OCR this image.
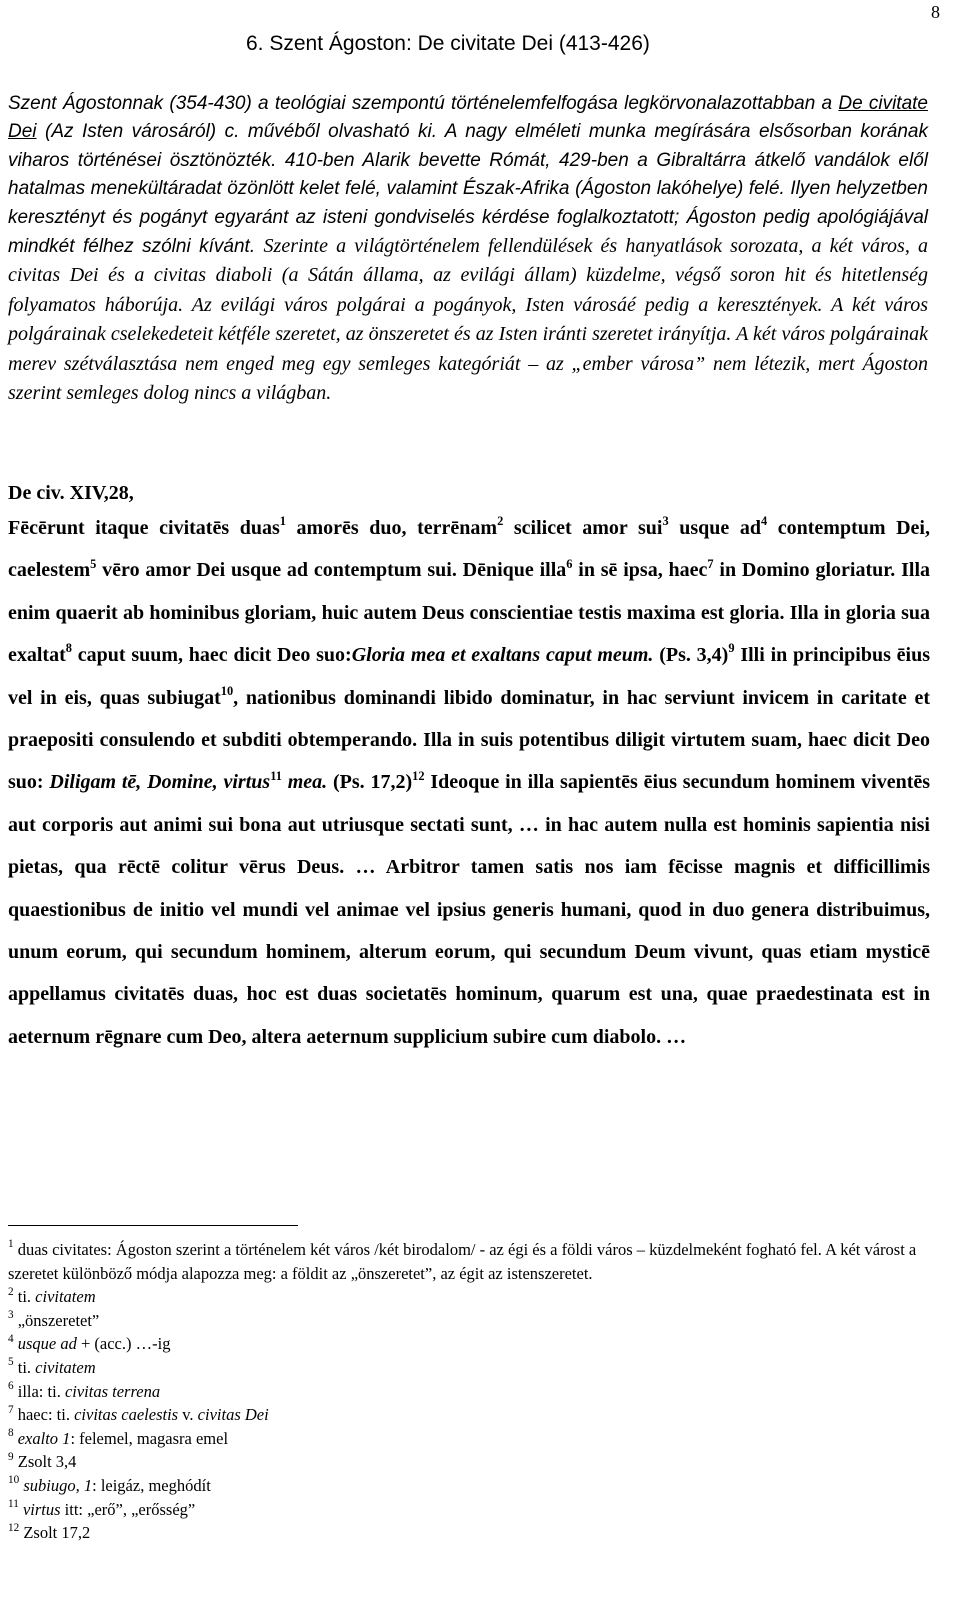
8
6. Szent Ágoston: De civitate Dei (413-426)
Szent Ágostonnak (354-430) a teológiai szempontú történelemfelfogása legkörvonalazottabban a De civitate Dei (Az Isten városáról) c. művéből olvasható ki. A nagy elméleti munka megírására elsősorban korának viharos történései ösztönözték. 410-ben Alarik bevette Rómát, 429-ben a Gibraltárra átkelő vandálok elől hatalmas menekültáradat özönlött kelet felé, valamint Észak-Afrika (Ágoston lakóhelye) felé. Ilyen helyzetben keresztényt és pogányt egyaránt az isteni gondviselés kérdése foglalkoztatott; Ágoston pedig apológiájával mindkét félhez szólni kívánt. Szerinte a világtörténelem fellendülések és hanyatlások sorozata, a két város, a civitas Dei és a civitas diaboli (a Sátán állama, az evilági állam) küzdelme, végső soron hit és hitetlenség folyamatos háborúja. Az evilági város polgárai a pogányok, Isten városáé pedig a keresztények. A két város polgárainak cselekedeteit kétféle szeretet, az önszeretet és az Isten iránti szeretet irányítja. A két város polgárainak merev szétválasztása nem enged meg egy semleges kategóriát – az „ember városa” nem létezik, mert Ágoston szerint semleges dolog nincs a világban.
De civ. XIV,28,
Fēcērunt itaque civitatēs duas$^1$ amorēs duo, terrēnam$^2$ scilicet amor sui$^3$ usque $ad^4$ contemptum Dei, caelestem$^5$ vēro amor Dei usque ad contemptum sui. Dēnique illa$^6$ in sē ipsa, haec$^7$ in Domino gloriatur. Illa enim quaerit ab hominibus gloriam, huic autem Deus conscientiae testis maxima est gloria. Illa in gloria sua exaltat$^8$ caput suum, haec dicit Deo suo:Gloria mea et exaltans caput meum. (Ps. 3,4)$^9$ Illi in principibus ēius vel in eis, quas subiugat$^{10}$, nationibus dominandi libido dominatur, in hac serviunt invicem in caritate et praepositi consulendo et subditi obtemperando. Illa in suis potentibus diligit virtutem suam, haec dicit Deo suo: Diligam tē, Domine, virtus$^{11}$ mea. (Ps. 17,2)$^{12}$ Ideoque in illa sapientēs ēius secundum hominem viventēs aut corporis aut animi sui bona aut utriusque sectati sunt, … in hac autem nulla est hominis sapientia nisi pietas, qua rēctē colitur vērus Deus. … Arbitror tamen satis nos iam fēcisse magnis et difficillimis quaestionibus de initio vel mundi vel animae vel ipsius generis humani, quod in duo genera distribuimus, unum eorum, qui secundum hominem, alterum eorum, qui secundum Deum vivunt, quas etiam mysticē appellamus civitatēs duas, hoc est duas societatēs hominum, quarum est una, quae praedestinata est in aeternum rēgnare cum Deo, altera aeternum supplicium subire cum diabolo. …

$^1$ duas civitates: Ágoston szerint a történelem két város /két birodalom/ - az égi és a földi város – küzdelmeként fogható fel. A két várost a szeretet különböző módja alapozza meg: a földit az „önszeretet”, az égit az istenszeretet.

$^2$ ti. civitatem

$^3$ „önszeretet”

$^4$ usque ad + (acc.) …-ig

$^5$ ti. civitatem

$^6$ illa: ti. civitas terrena

$^7$ haec: ti. civitas caelestis v. civitas Dei

$^8$ exalto 1: felemel, magasra emel

$^9$ Zsolt 3,4

$^{10}$ subiugo, 1: leigáz, meghódít

$^{11}$ virtus itt: „erő”, „erősség”

$^{12}$ Zsolt 17,2
